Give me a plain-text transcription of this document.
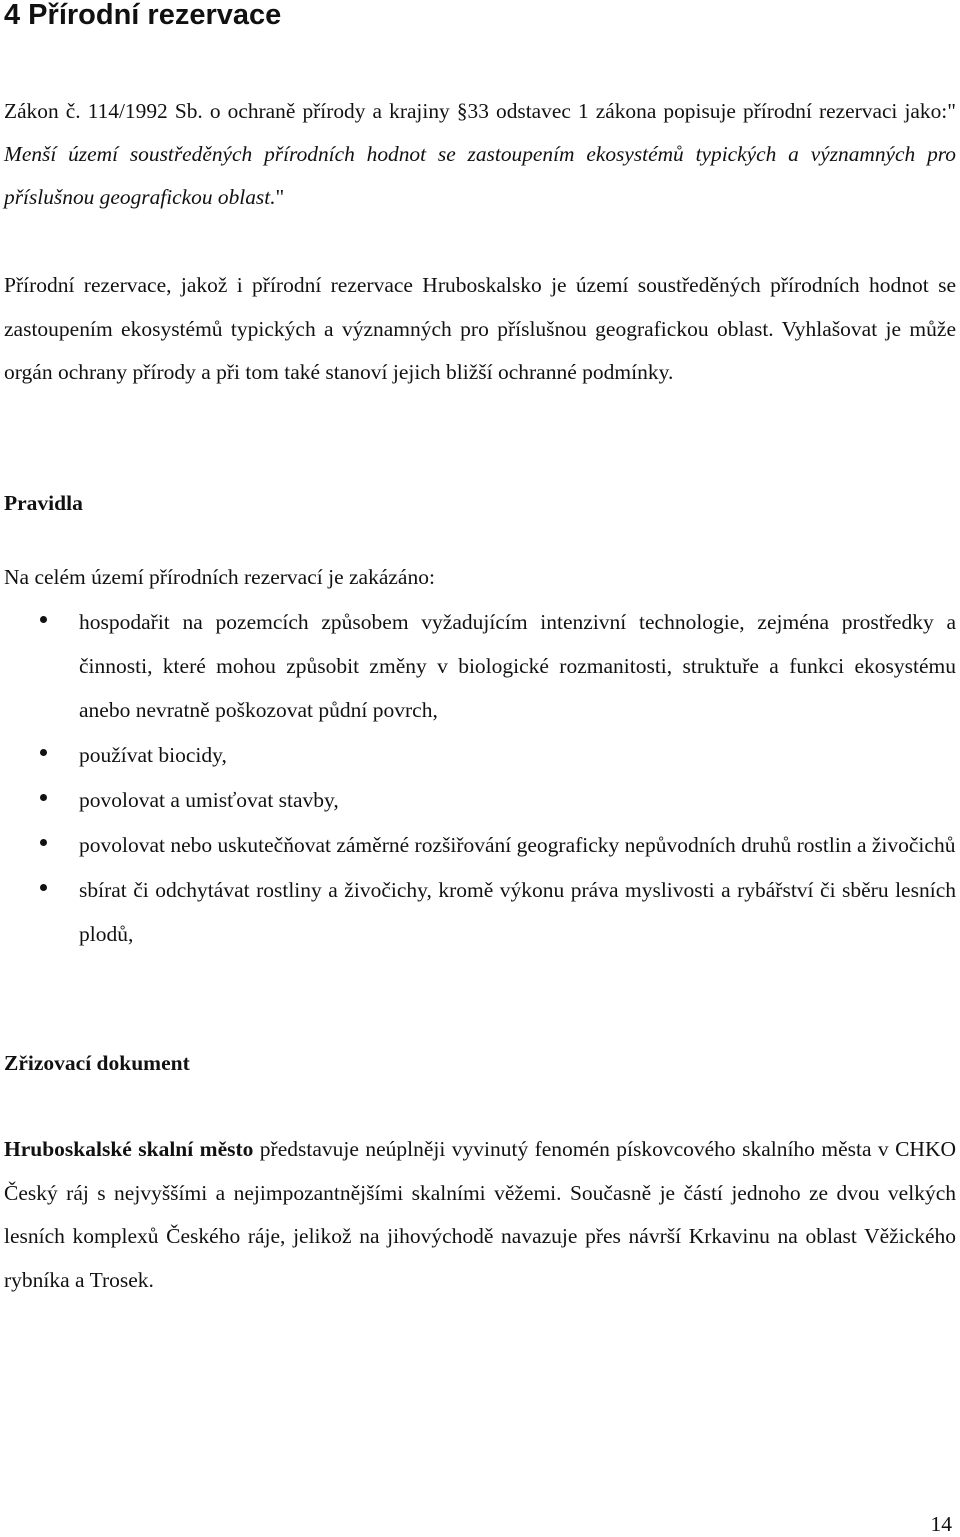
4 Přírodní rezervace

Zákon č. 114/1992 Sb. o ochraně přírody a krajiny §33 odstavec 1 zákona popisuje přírodní rezervaci jako:" Menší území soustředěných přírodních hodnot se zastoupením ekosystémů typických a významných pro příslušnou geografickou oblast."

Přírodní rezervace, jakož i přírodní rezervace Hruboskalsko je území soustředěných přírodních hodnot se zastoupením ekosystémů typických a významných pro příslušnou geografickou oblast. Vyhlašovat je může orgán ochrany přírody a při tom také stanoví jejich bližší ochranné podmínky.

Pravidla

Na celém území přírodních rezervací je zakázáno:

hospodařit na pozemcích způsobem vyžadujícím intenzivní technologie, zejména prostředky a činnosti, které mohou způsobit změny v biologické rozmanitosti, struktuře a funkci ekosystému anebo nevratně poškozovat půdní povrch,
používat biocidy,
povolovat a umisťovat stavby,
povolovat nebo uskutečňovat záměrné rozšiřování geograficky nepůvodních druhů rostlin a živočichů
sbírat či odchytávat rostliny a živočichy, kromě výkonu práva myslivosti a rybářství či sběru lesních plodů,
Zřizovací dokument

Hruboskalské skalní město představuje neúplněji vyvinutý fenomén pískovcového skalního města v CHKO Český ráj s nejvyššími a nejimpozantnějšími skalními věžemi. Současně je částí jednoho ze dvou velkých lesních komplexů Českého ráje, jelikož na jihovýchodě navazuje přes návrší Krkavinu na oblast Věžického rybníka a Trosek.

14
